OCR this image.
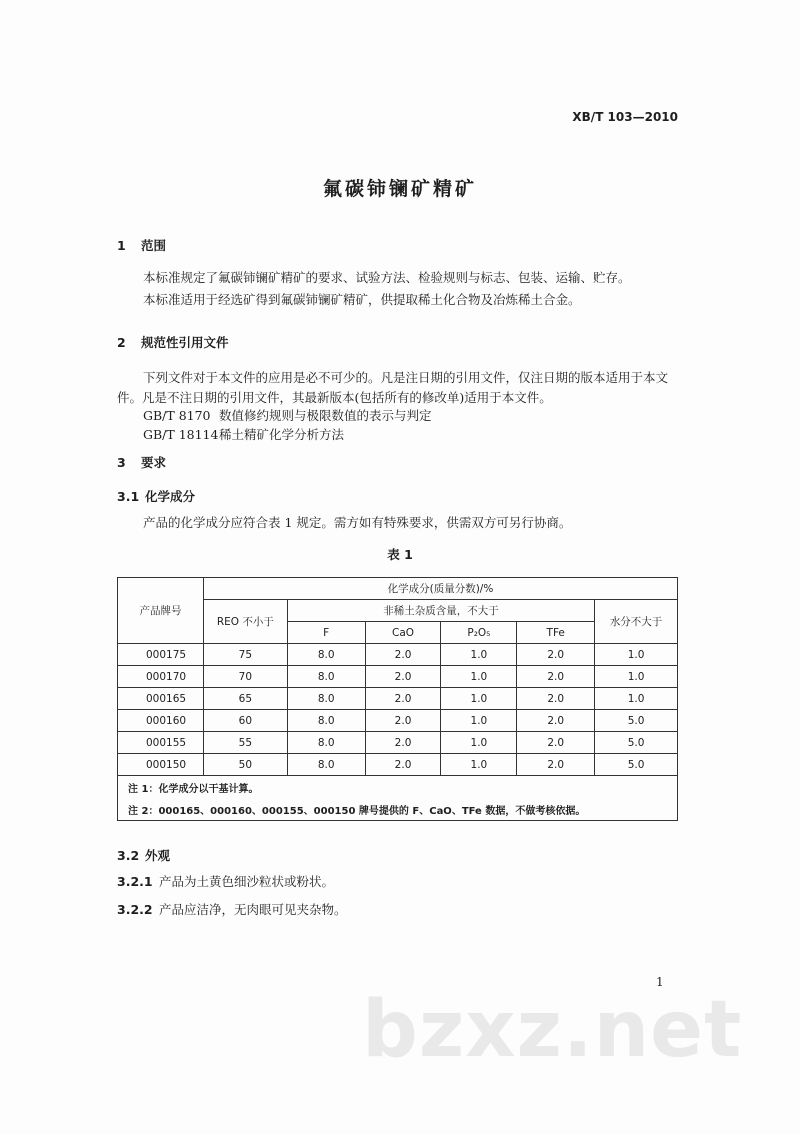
XB/T 103—2010
氟碳铈镧矿精矿
1 范围
本标准规定了氟碳铈镧矿精矿的要求、试验方法、检验规则与标志、包装、运输、贮存。
本标准适用于经选矿得到氟碳铈镧矿精矿，供提取稀土化合物及冶炼稀土合金。
2 规范性引用文件
下列文件对于本文件的应用是必不可少的。凡是注日期的引用文件，仅注日期的版本适用于本文
件。凡是不注日期的引用文件，其最新版本(包括所有的修改单)适用于本文件。
GB/T 8170 数值修约规则与极限数值的表示与判定
GB/T 18114稀土精矿化学分析方法
3 要求
3.1 化学成分
产品的化学成分应符合表 1 规定。需方如有特殊要求，供需双方可另行协商。
表 1
产品牌号	化学成分(质量分数)/%					
	REO 不小于	非稀土杂质含量，不大于				水分不大于
		F	CaO	P₂O₅	TFe	
000175	75	8.0	2.0	1.0	2.0	1.0
000170	70	8.0	2.0	1.0	2.0	1.0
000165	65	8.0	2.0	1.0	2.0	1.0
000160	60	8.0	2.0	1.0	2.0	5.0
000155	55	8.0	2.0	1.0	2.0	5.0
000150	50	8.0	2.0	1.0	2.0	5.0
注 1：化学成分以干基计算。						
注 2：000165、000160、000155、000150 牌号提供的 F、CaO、TFe 数据，不做考核依据。						
3.2 外观
3.2.1 产品为土黄色细沙粒状或粉状。
3.2.2 产品应洁净，无肉眼可见夹杂物。
1
bzxz.net
